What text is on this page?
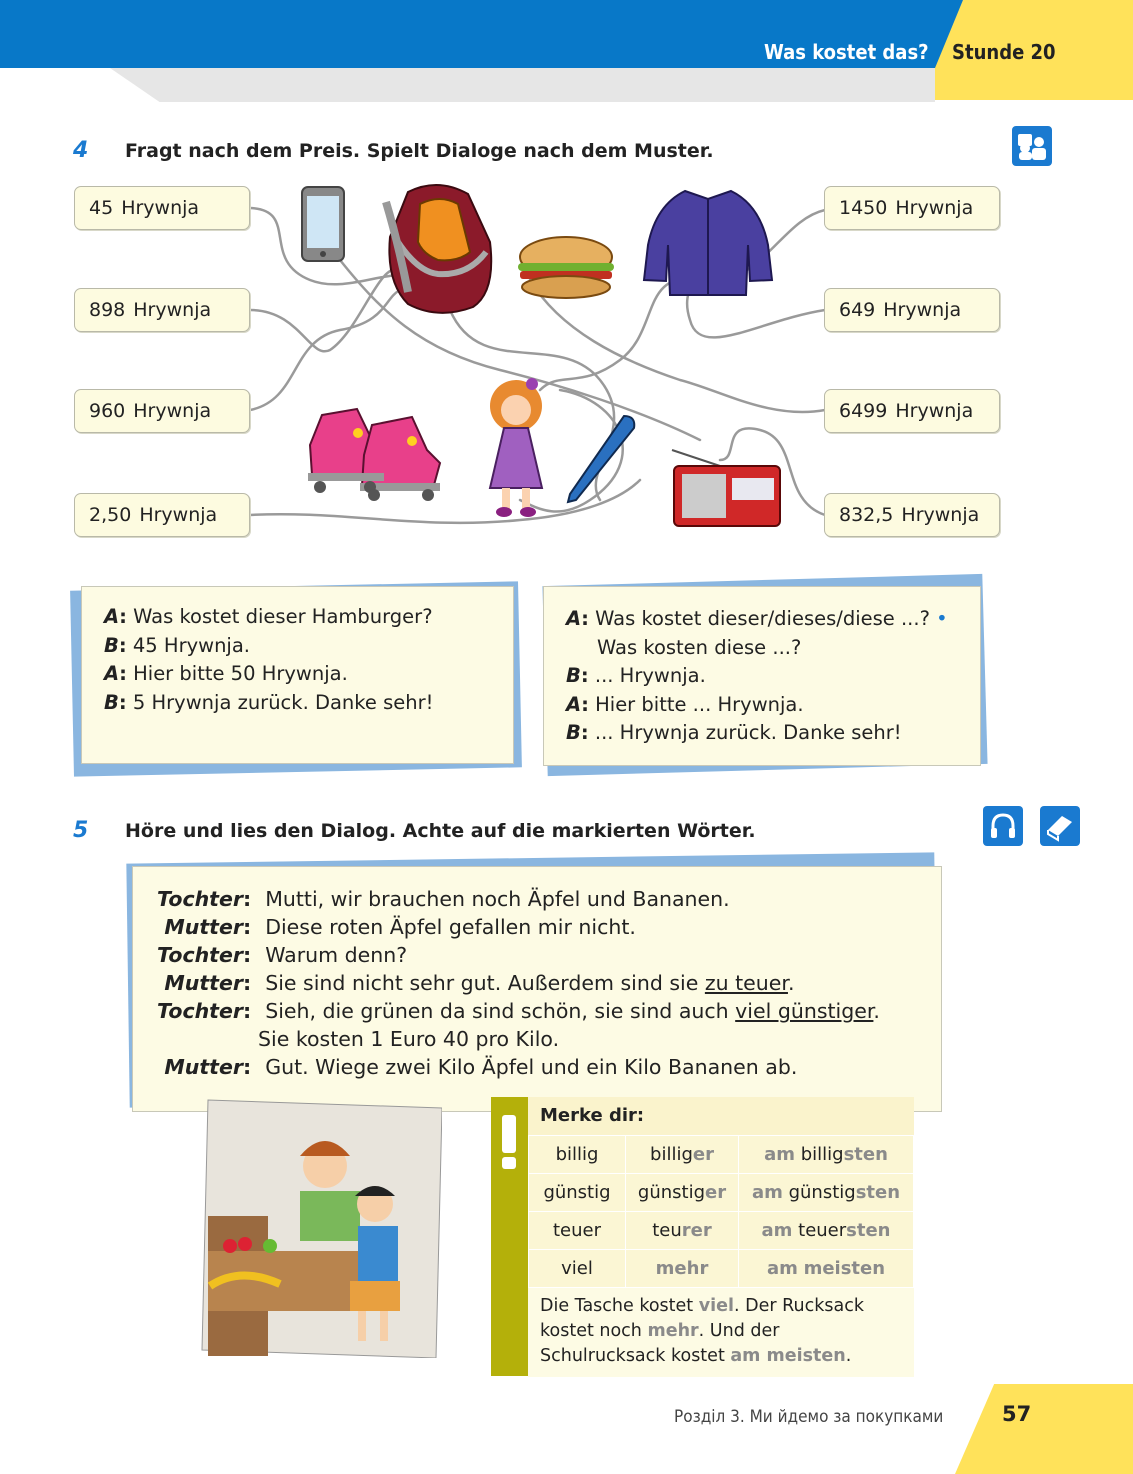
Was kostet das? Stunde 20
4 Fragt nach dem Preis. Spielt Dialoge nach dem Muster.
45 Hrywnja
898 Hrywnja
960 Hrywnja
2,50 Hrywnja
1450 Hrywnja
649 Hrywnja
6499 Hrywnja
832,5 Hrywnja
A: Was kostet dieser Hamburger?
B: 45 Hrywnja.
A: Hier bitte 50 Hrywnja.
B: 5 Hrywnja zurück. Danke sehr!
A: Was kostet dieser/dieses/diese ...? •
Was kosten diese ...?
B: ... Hrywnja.
A: Hier bitte ... Hrywnja.
B: ... Hrywnja zurück. Danke sehr!
5 Höre und lies den Dialog. Achte auf die markierten Wörter.
Tochter : Mutti, wir brauchen noch Äpfel und Bananen.
Mutter : Diese roten Äpfel gefallen mir nicht.
Tochter : Warum denn?
Mutter : Sie sind nicht sehr gut. Außerdem sind sie zu teuer.
Tochter : Sieh, die grünen da sind schön, sie sind auch viel günstiger.
Sie kosten 1 Euro 40 pro Kilo.
Mutter : Gut. Wiege zwei Kilo Äpfel und ein Kilo Bananen ab.
Merke dir:
billig	billiger	am billigsten
günstig	günstiger	am günstigsten
teuer	teurer	am teuersten
viel	mehr	am meisten
Die Tasche kostet viel. Der Rucksack kostet noch mehr. Und der Schulrucksack kostet am meisten.
Розділ 3. Ми йдемо за покупками	57
